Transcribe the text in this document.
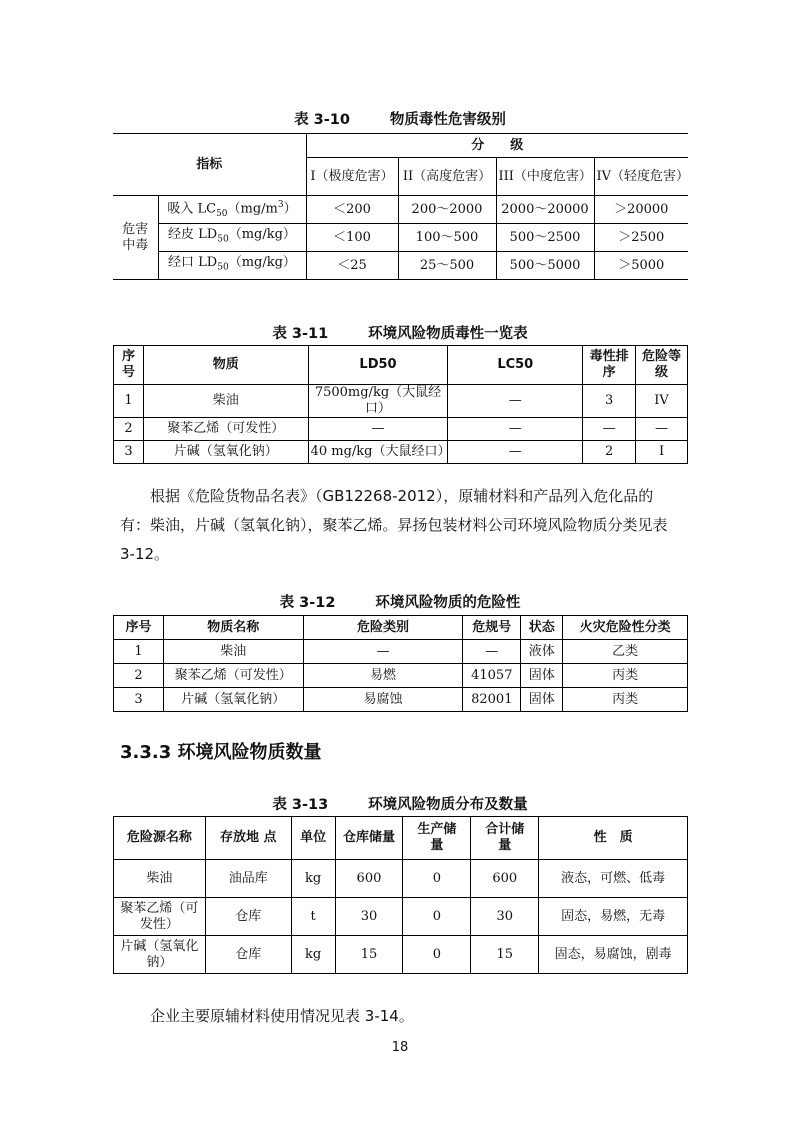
表 3-10	物质毒性危害级别
指标		分　　级			
		I（极度危害）	II（高度危害）	III（中度危害）	IV（轻度危害）

危害中毒	吸入 $LC_{50}(mg/m^3)$	＜200	200～2000	2000～20000	＞20000
	经皮 $LD_{50}(mg/kg)$	＜100	100～500	500～2500	＞2500
	经口 $LD_{50}(mg/kg)$	＜25	25～500	500～5000	＞5000
表 3-11	环境风险物质毒性一览表
序号	物质	LD50	LC50	毒性排序	危险等级
1	柴油	7500mg/kg（大鼠经口）	—	3	IV
2	聚苯乙烯（可发性）	—	—	—	—
3	片碱（氢氧化钠）	40 mg/kg（大鼠经口）	—	2	I
根据《危险货物品名表》（GB12268-2012），原辅材料和产品列入危化品的有：柴油，片碱（氢氧化钠），聚苯乙烯。昇扬包装材料公司环境风险物质分类见表 3-12。
表 3-12	环境风险物质的危险性
序号	物质名称	危险类别	危规号	状态	火灾危险性分类
1	柴油	—	—	液体	乙类
2	聚苯乙烯（可发性）	易燃	41057	固体	丙类
3	片碱（氢氧化钠）	易腐蚀	82001	固体	丙类
3.3.3 环境风险物质数量
表 3-13	环境风险物质分布及数量
危险源名称	存放地 点	单位	仓库储量	生产储量	合计储量	性　质
柴油	油品库	kg	600	0	600	液态，可燃、低毒
聚苯乙烯（可发性）	仓库	t	30	0	30	固态，易燃，无毒
片碱（氢氧化钠）	仓库	kg	15	0	15	固态，易腐蚀，剧毒
企业主要原辅材料使用情况见表 3-14。
18
